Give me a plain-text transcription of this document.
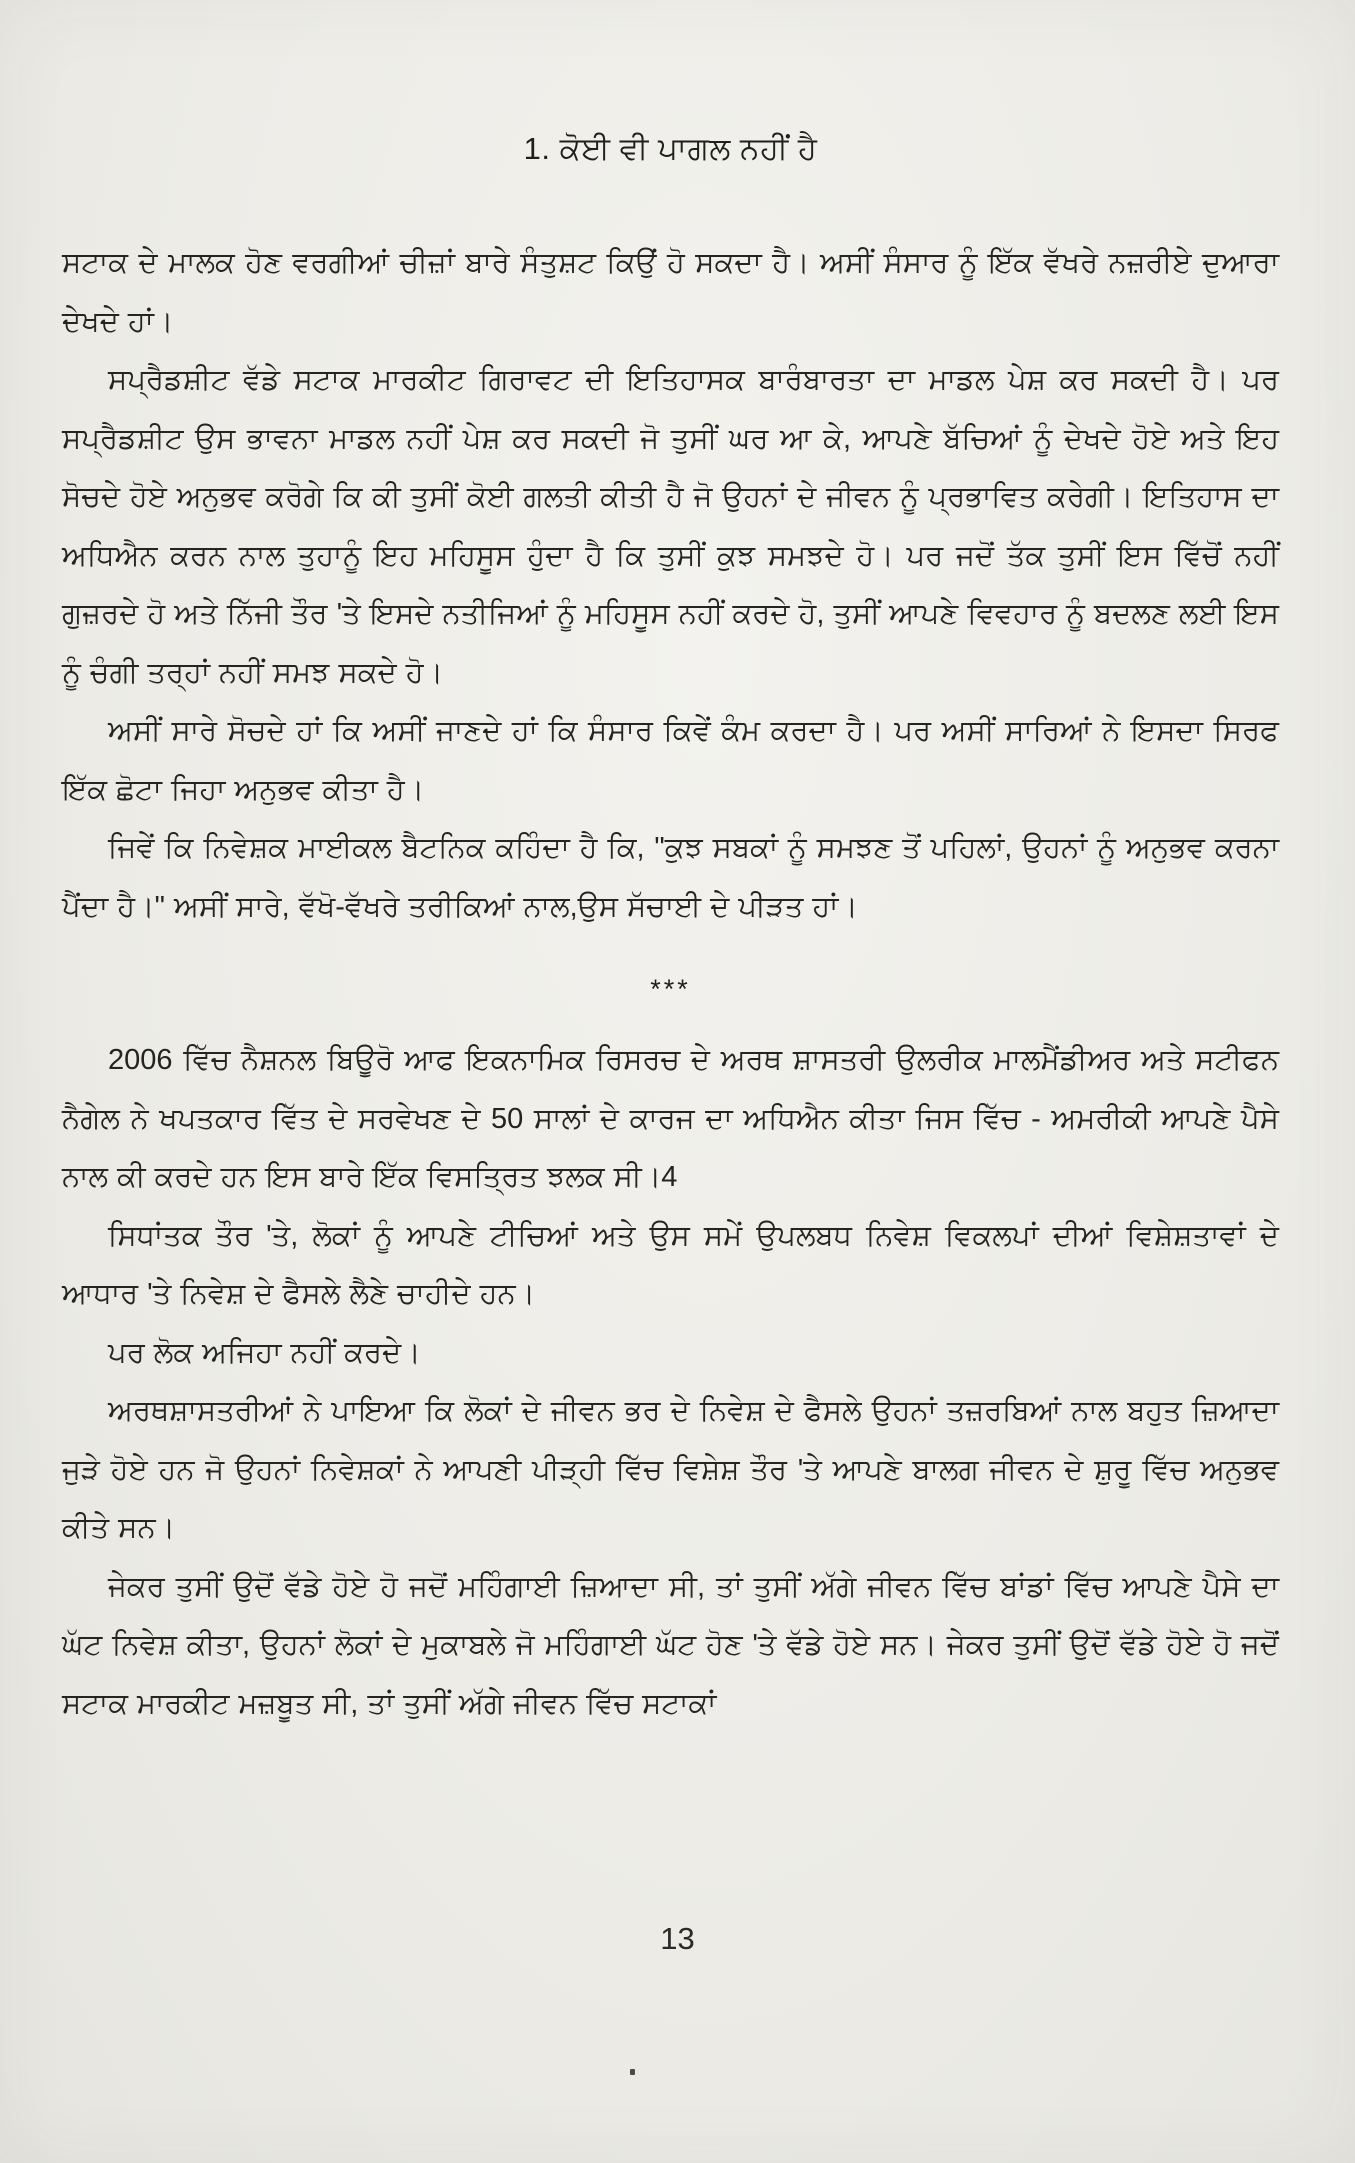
1. ਕੋਈ ਵੀ ਪਾਗਲ ਨਹੀਂ ਹੈ

ਸਟਾਕ ਦੇ ਮਾਲਕ ਹੋਣ ਵਰਗੀਆਂ ਚੀਜ਼ਾਂ ਬਾਰੇ ਸੰਤੁਸ਼ਟ ਕਿਉਂ ਹੋ ਸਕਦਾ ਹੈ। ਅਸੀਂ ਸੰਸਾਰ ਨੂੰ ਇੱਕ ਵੱਖਰੇ ਨਜ਼ਰੀਏ ਦੁਆਰਾ ਦੇਖਦੇ ਹਾਂ।

ਸਪ੍ਰੈਡਸ਼ੀਟ ਵੱਡੇ ਸਟਾਕ ਮਾਰਕੀਟ ਗਿਰਾਵਟ ਦੀ ਇਤਿਹਾਸਕ ਬਾਰੰਬਾਰਤਾ ਦਾ ਮਾਡਲ ਪੇਸ਼ ਕਰ ਸਕਦੀ ਹੈ। ਪਰ ਸਪ੍ਰੈਡਸ਼ੀਟ ਉਸ ਭਾਵਨਾ ਮਾਡਲ ਨਹੀਂ ਪੇਸ਼ ਕਰ ਸਕਦੀ ਜੋ ਤੁਸੀਂ ਘਰ ਆ ਕੇ, ਆਪਣੇ ਬੱਚਿਆਂ ਨੂੰ ਦੇਖਦੇ ਹੋਏ ਅਤੇ ਇਹ ਸੋਚਦੇ ਹੋਏ ਅਨੁਭਵ ਕਰੋਗੇ ਕਿ ਕੀ ਤੁਸੀਂ ਕੋਈ ਗਲਤੀ ਕੀਤੀ ਹੈ ਜੋ ਉਹਨਾਂ ਦੇ ਜੀਵਨ ਨੂੰ ਪ੍ਰਭਾਵਿਤ ਕਰੇਗੀ। ਇਤਿਹਾਸ ਦਾ ਅਧਿਐਨ ਕਰਨ ਨਾਲ ਤੁਹਾਨੂੰ ਇਹ ਮਹਿਸੂਸ ਹੁੰਦਾ ਹੈ ਕਿ ਤੁਸੀਂ ਕੁਝ ਸਮਝਦੇ ਹੋ। ਪਰ ਜਦੋਂ ਤੱਕ ਤੁਸੀਂ ਇਸ ਵਿੱਚੋਂ ਨਹੀਂ ਗੁਜ਼ਰਦੇ ਹੋ ਅਤੇ ਨਿੱਜੀ ਤੌਰ 'ਤੇ ਇਸਦੇ ਨਤੀਜਿਆਂ ਨੂੰ ਮਹਿਸੂਸ ਨਹੀਂ ਕਰਦੇ ਹੋ, ਤੁਸੀਂ ਆਪਣੇ ਵਿਵਹਾਰ ਨੂੰ ਬਦਲਣ ਲਈ ਇਸ ਨੂੰ ਚੰਗੀ ਤਰ੍ਹਾਂ ਨਹੀਂ ਸਮਝ ਸਕਦੇ ਹੋ।

ਅਸੀਂ ਸਾਰੇ ਸੋਚਦੇ ਹਾਂ ਕਿ ਅਸੀਂ ਜਾਣਦੇ ਹਾਂ ਕਿ ਸੰਸਾਰ ਕਿਵੇਂ ਕੰਮ ਕਰਦਾ ਹੈ। ਪਰ ਅਸੀਂ ਸਾਰਿਆਂ ਨੇ ਇਸਦਾ ਸਿਰਫ ਇੱਕ ਛੋਟਾ ਜਿਹਾ ਅਨੁਭਵ ਕੀਤਾ ਹੈ।

ਜਿਵੇਂ ਕਿ ਨਿਵੇਸ਼ਕ ਮਾਈਕਲ ਬੈਟਨਿਕ ਕਹਿੰਦਾ ਹੈ ਕਿ, "ਕੁਝ ਸਬਕਾਂ ਨੂੰ ਸਮਝਣ ਤੋਂ ਪਹਿਲਾਂ, ਉਹਨਾਂ ਨੂੰ ਅਨੁਭਵ ਕਰਨਾ ਪੈਂਦਾ ਹੈ।" ਅਸੀਂ ਸਾਰੇ, ਵੱਖੋ-ਵੱਖਰੇ ਤਰੀਕਿਆਂ ਨਾਲ,ਉਸ ਸੱਚਾਈ ਦੇ ਪੀੜਤ ਹਾਂ।

***

2006 ਵਿੱਚ ਨੈਸ਼ਨਲ ਬਿਊਰੋ ਆਫ ਇਕਨਾਮਿਕ ਰਿਸਰਚ ਦੇ ਅਰਥ ਸ਼ਾਸਤਰੀ ਉਲਰੀਕ ਮਾਲਮੈਂਡੀਅਰ ਅਤੇ ਸਟੀਫਨ ਨੈਗੇਲ ਨੇ ਖਪਤਕਾਰ ਵਿੱਤ ਦੇ ਸਰਵੇਖਣ ਦੇ 50 ਸਾਲਾਂ ਦੇ ਕਾਰਜ ਦਾ ਅਧਿਐਨ ਕੀਤਾ ਜਿਸ ਵਿੱਚ - ਅਮਰੀਕੀ ਆਪਣੇ ਪੈਸੇ ਨਾਲ ਕੀ ਕਰਦੇ ਹਨ ਇਸ ਬਾਰੇ ਇੱਕ ਵਿਸਤ੍ਰਿਤ ਝਲਕ ਸੀ।4

ਸਿਧਾਂਤਕ ਤੌਰ 'ਤੇ, ਲੋਕਾਂ ਨੂੰ ਆਪਣੇ ਟੀਚਿਆਂ ਅਤੇ ਉਸ ਸਮੇਂ ਉਪਲਬਧ ਨਿਵੇਸ਼ ਵਿਕਲਪਾਂ ਦੀਆਂ ਵਿਸ਼ੇਸ਼ਤਾਵਾਂ ਦੇ ਆਧਾਰ 'ਤੇ ਨਿਵੇਸ਼ ਦੇ ਫੈਸਲੇ ਲੈਣੇ ਚਾਹੀਦੇ ਹਨ।

ਪਰ ਲੋਕ ਅਜਿਹਾ ਨਹੀਂ ਕਰਦੇ।

ਅਰਥਸ਼ਾਸਤਰੀਆਂ ਨੇ ਪਾਇਆ ਕਿ ਲੋਕਾਂ ਦੇ ਜੀਵਨ ਭਰ ਦੇ ਨਿਵੇਸ਼ ਦੇ ਫੈਸਲੇ ਉਹਨਾਂ ਤਜ਼ਰਬਿਆਂ ਨਾਲ ਬਹੁਤ ਜ਼ਿਆਦਾ ਜੁੜੇ ਹੋਏ ਹਨ ਜੋ ਉਹਨਾਂ ਨਿਵੇਸ਼ਕਾਂ ਨੇ ਆਪਣੀ ਪੀੜ੍ਹੀ ਵਿੱਚ ਵਿਸ਼ੇਸ਼ ਤੌਰ 'ਤੇ ਆਪਣੇ ਬਾਲਗ ਜੀਵਨ ਦੇ ਸ਼ੁਰੂ ਵਿੱਚ ਅਨੁਭਵ ਕੀਤੇ ਸਨ।

ਜੇਕਰ ਤੁਸੀਂ ਉਦੋਂ ਵੱਡੇ ਹੋਏ ਹੋ ਜਦੋਂ ਮਹਿੰਗਾਈ ਜ਼ਿਆਦਾ ਸੀ, ਤਾਂ ਤੁਸੀਂ ਅੱਗੇ ਜੀਵਨ ਵਿੱਚ ਬਾਂਡਾਂ ਵਿੱਚ ਆਪਣੇ ਪੈਸੇ ਦਾ ਘੱਟ ਨਿਵੇਸ਼ ਕੀਤਾ, ਉਹਨਾਂ ਲੋਕਾਂ ਦੇ ਮੁਕਾਬਲੇ ਜੋ ਮਹਿੰਗਾਈ ਘੱਟ ਹੋਣ 'ਤੇ ਵੱਡੇ ਹੋਏ ਸਨ। ਜੇਕਰ ਤੁਸੀਂ ਉਦੋਂ ਵੱਡੇ ਹੋਏ ਹੋ ਜਦੋਂ ਸਟਾਕ ਮਾਰਕੀਟ ਮਜ਼ਬੂਤ ਸੀ, ਤਾਂ ਤੁਸੀਂ ਅੱਗੇ ਜੀਵਨ ਵਿੱਚ ਸਟਾਕਾਂ

13
